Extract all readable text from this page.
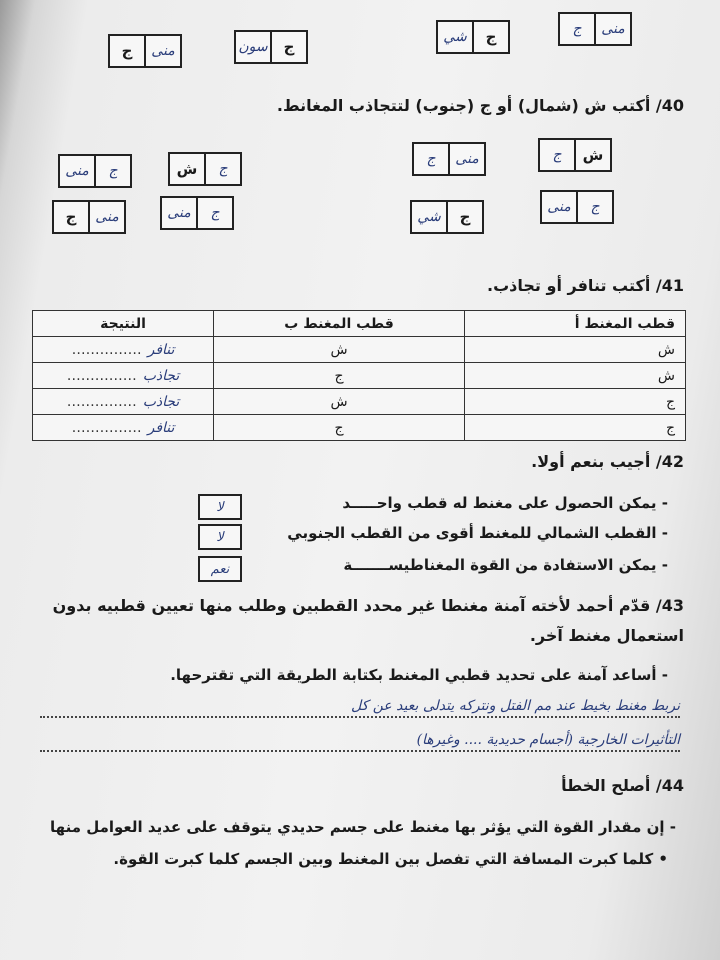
ج	منى	سون	ج
شي	ج	ج	منى
40/ أكتب ش (شمال) أو ج (جنوب) لتتجاذب المغانط.
منى	ج	ش	ج
ج	منى	ج	ش
ج	منى	منى	ج	شي	ج
منى	ج
41/ أكتب تنافر أو تجاذب.
قطب المغنط أ	قطب المغنط ب	النتيجة
ش	ش	تنافر……………
ش	ج	تجاذب……………
ج	ش	تجاذب……………
ج	ج	تنافر……………
42/ أجيب بنعم أولا.
- يمكن الحصول على مغنط له قطب واحـــــد
لا
- القطب الشمالي للمغنط أقوى من القطب الجنوبي
لا
- يمكن الاستفادة من القوة المغناطيســـــــة
نعم
43/ قدّم أحمد لأخته آمنة مغنطا غير محدد القطبين وطلب منها تعيين قطبيه بدون
استعمال مغنط آخر.
- أساعد آمنة على تحديد قطبي المغنط بكتابة الطريقة التي تقترحها.
نربط مغنط بخيط عند مم الفتل ونتركه يتدلى بعيد عن كل
التأثيرات الخارجية (أجسام حديدية .... وغيرها)
44/ أصلح الخطأ
- إن مقدار القوة التي يؤثر بها مغنط على جسم حديدي يتوقف على عديد العوامل منها
• كلما كبرت المسافة التي تفصل بين المغنط وبين الجسم كلما كبرت القوة.
